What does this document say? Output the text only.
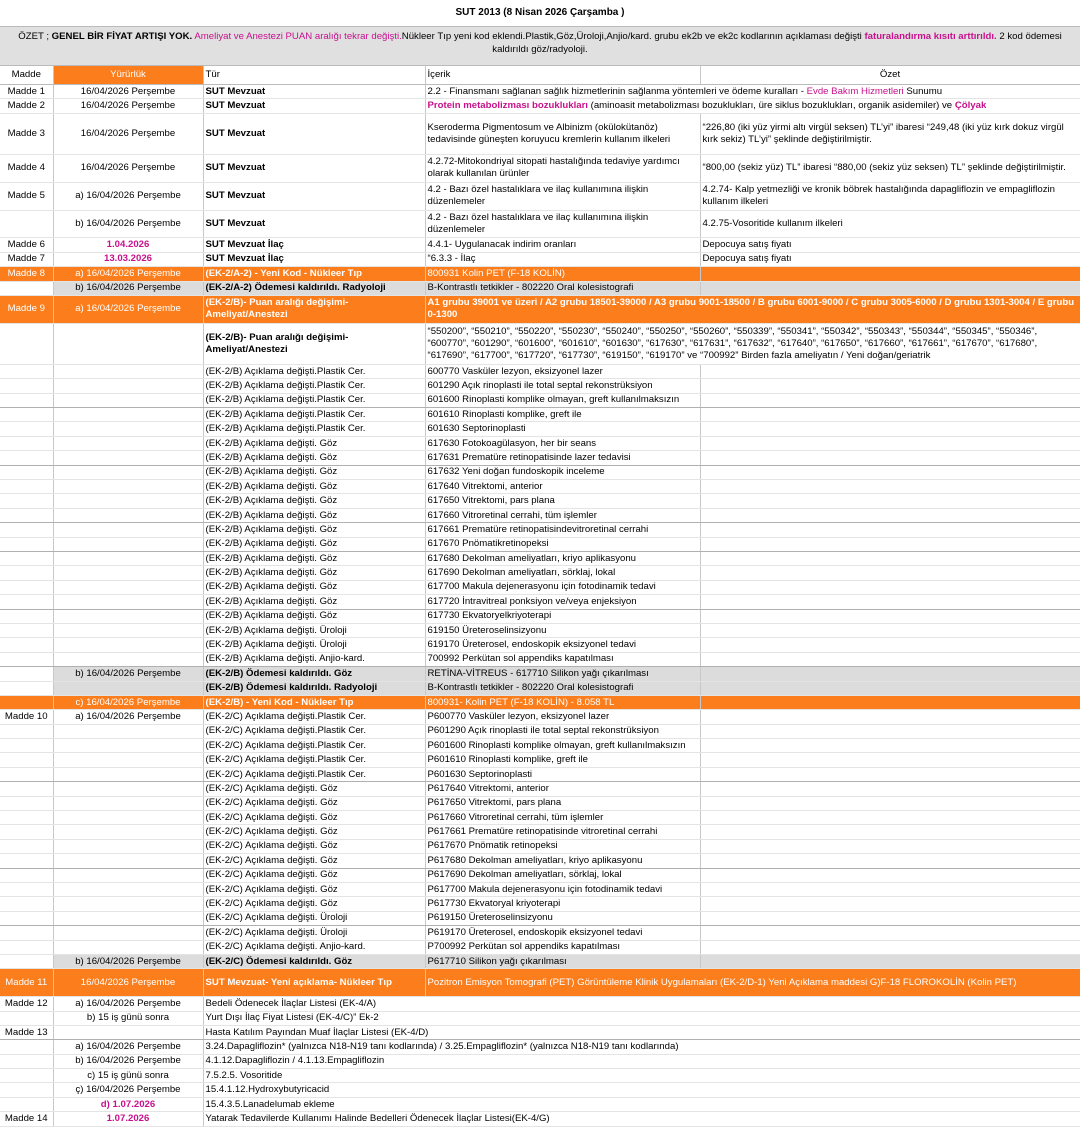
SUT 2013 (8 Nisan 2026 Çarşamba )
ÖZET ; GENEL BİR FİYAT ARTIŞI YOK. Ameliyat ve Anestezi PUAN aralığı tekrar değişti.Nükleer Tıp yeni kod eklendi.Plastik,Göz,Üroloji,Anjio/kard. grubu ek2b ve ek2c kodlarının açıklaması değişti faturalandırma kısıtı arttırıldı. 2 kod ödemesi kaldırıldı göz/radyoloji.
Madde	Yürürlük	Tür	İçerik	Özet
Madde 1	16/04/2026 Perşembe	SUT Mevzuat	2.2 - Finansmanı sağlanan sağlık hizmetlerinin sağlanma yöntemleri ve ödeme kuralları - Evde Bakım Hizmetleri Sunumu	
Madde 2	16/04/2026 Perşembe	SUT Mevzuat	Protein metabolizması bozuklukları (aminoasit metabolizması bozuklukları, üre siklus bozuklukları, organik asidemiler) ve Çölyak	
Madde 3	16/04/2026 Perşembe	SUT Mevzuat	Kseroderma Pigmentosum ve Albinizm (okülokütanöz) tedavisinde güneşten koruyucu kremlerin kullanım ilkeleri	“226,80 (iki yüz yirmi altı virgül seksen) TL’yi” ibaresi “249,48 (iki yüz kırk dokuz virgül kırk sekiz) TL’yi” şeklinde değiştirilmiştir.
Madde 4	16/04/2026 Perşembe	SUT Mevzuat	4.2.72-Mitokondriyal sitopati hastalığında tedaviye yardımcı olarak kullanılan ürünler	“800,00 (sekiz yüz) TL” ibaresi “880,00 (sekiz yüz seksen) TL” şeklinde değiştirilmiştir.
Madde 5	a) 16/04/2026 Perşembe	SUT Mevzuat	4.2 - Bazı özel hastalıklara ve ilaç kullanımına ilişkin düzenlemeler	4.2.74- Kalp yetmezliği ve kronik böbrek hastalığında dapagliflozin ve empagliflozin kullanım ilkeleri
	b) 16/04/2026 Perşembe	SUT Mevzuat	4.2 - Bazı özel hastalıklara ve ilaç kullanımına ilişkin düzenlemeler	4.2.75-Vosoritide kullanım ilkeleri
Madde 6	1.04.2026	SUT Mevzuat İlaç	4.4.1- Uygulanacak indirim oranları	Depocuya satış fiyatı
Madde 7	13.03.2026	SUT Mevzuat İlaç	“6.3.3 - İlaç	Depocuya satış fiyatı
Madde 8	a) 16/04/2026 Perşembe	(EK-2/A-2) - Yeni Kod - Nükleer Tıp	800931 Kolin PET (F-18 KOLİN)	
	b) 16/04/2026 Perşembe	(EK-2/A-2) Ödemesi kaldırıldı. Radyoloji	B-Kontrastlı tetkikler - 802220 Oral kolesistografi	
Madde 9	a) 16/04/2026 Perşembe	(EK-2/B)- Puan aralığı değişimi- Ameliyat/Anestezi	A1 grubu 39001 ve üzeri / A2 grubu 18501-39000 / A3 grubu 9001-18500 / B grubu 6001-9000 / C grubu 3005-6000 / D grubu 1301-3004 / E grubu 0-1300	
		(EK-2/B)- Puan aralığı değişimi- Ameliyat/Anestezi	“550200”, “550210”, “550220”, “550230”, “550240”, “550250”, “550260”, “550339”, “550341”, “550342”, “550343”, “550344”, “550345”, “550346”, “600770”, “601290”, “601600”, “601610”, “601630”, “617630”, “617631”, “617632”, “617640”, “617650”, “617660”, “617661”, “617670”, “617680”, “617690”, “617700”, “617720”, “617730”, “619150”, “619170” ve “700992” Birden fazla ameliyatın / Yeni doğan/geriatrik	
		(EK-2/B) Açıklama değişti.Plastik Cer.	600770 Vasküler lezyon, eksizyonel lazer	
		(EK-2/B) Açıklama değişti.Plastik Cer.	601290 Açık rinoplasti ile total septal rekonstrüksiyon	
		(EK-2/B) Açıklama değişti.Plastik Cer.	601600 Rinoplasti komplike olmayan, greft kullanılmaksızın	
		(EK-2/B) Açıklama değişti.Plastik Cer.	601610 Rinoplasti komplike, greft ile	
		(EK-2/B) Açıklama değişti.Plastik Cer.	601630 Septorinoplasti	
		(EK-2/B) Açıklama değişti. Göz	617630 Fotokoagülasyon, her bir seans	
		(EK-2/B) Açıklama değişti. Göz	617631 Prematüre retinopatisinde lazer tedavisi	
		(EK-2/B) Açıklama değişti. Göz	617632 Yeni doğan fundoskopik inceleme	
		(EK-2/B) Açıklama değişti. Göz	617640 Vitrektomi, anterior	
		(EK-2/B) Açıklama değişti. Göz	617650 Vitrektomi, pars plana	
		(EK-2/B) Açıklama değişti. Göz	617660 Vitroretinal cerrahi, tüm işlemler	
		(EK-2/B) Açıklama değişti. Göz	617661 Prematüre retinopatisindevitroretinal cerrahi	
		(EK-2/B) Açıklama değişti. Göz	617670 Pnömatikretinopeksi	
		(EK-2/B) Açıklama değişti. Göz	617680 Dekolman ameliyatları, kriyo aplikasyonu	
		(EK-2/B) Açıklama değişti. Göz	617690 Dekolman ameliyatları, sörklaj, lokal	
		(EK-2/B) Açıklama değişti. Göz	617700 Makula dejenerasyonu için fotodinamik tedavi	
		(EK-2/B) Açıklama değişti. Göz	617720 İntravitreal ponksiyon ve/veya enjeksiyon	
		(EK-2/B) Açıklama değişti. Göz	617730 Ekvatoryelkriyoterapi	
		(EK-2/B) Açıklama değişti. Üroloji	619150 Üreteroselinsizyonu	
		(EK-2/B) Açıklama değişti. Üroloji	619170 Üreterosel, endoskopik eksizyonel tedavi	
		(EK-2/B) Açıklama değişti. Anjio-kard.	700992 Perkütan sol appendiks kapatılması	
	b) 16/04/2026 Perşembe	(EK-2/B) Ödemesi kaldırıldı. Göz	RETİNA-VİTREUS - 617710 Silikon yağı çıkarılması	
		(EK-2/B) Ödemesi kaldırıldı. Radyoloji	B-Kontrastlı tetkikler - 802220 Oral kolesistografi	
	c) 16/04/2026 Perşembe	(EK-2/B) - Yeni Kod - Nükleer Tıp	800931- Kolin PET (F-18 KOLİN) - 8.058 TL	
Madde 10	a) 16/04/2026 Perşembe	(EK-2/C) Açıklama değişti.Plastik Cer.	P600770 Vasküler lezyon, eksizyonel lazer	
		(EK-2/C) Açıklama değişti.Plastik Cer.	P601290 Açık rinoplasti ile total septal rekonstrüksiyon	
		(EK-2/C) Açıklama değişti.Plastik Cer.	P601600 Rinoplasti komplike olmayan, greft kullanılmaksızın	
		(EK-2/C) Açıklama değişti.Plastik Cer.	P601610 Rinoplasti komplike, greft ile	
		(EK-2/C) Açıklama değişti.Plastik Cer.	P601630 Septorinoplasti	
		(EK-2/C) Açıklama değişti. Göz	P617640 Vitrektomi, anterior	
		(EK-2/C) Açıklama değişti. Göz	P617650 Vitrektomi, pars plana	
		(EK-2/C) Açıklama değişti. Göz	P617660 Vitroretinal cerrahi, tüm işlemler	
		(EK-2/C) Açıklama değişti. Göz	P617661 Prematüre retinopatisinde vitroretinal cerrahi	
		(EK-2/C) Açıklama değişti. Göz	P617670 Pnömatik retinopeksi	
		(EK-2/C) Açıklama değişti. Göz	P617680 Dekolman ameliyatları, kriyo aplikasyonu	
		(EK-2/C) Açıklama değişti. Göz	P617690 Dekolman ameliyatları, sörklaj, lokal	
		(EK-2/C) Açıklama değişti. Göz	P617700 Makula dejenerasyonu için fotodinamik tedavi	
		(EK-2/C) Açıklama değişti. Göz	P617730 Ekvatoryal kriyoterapi	
		(EK-2/C) Açıklama değişti. Üroloji	P619150 Üreteroselinsizyonu	
		(EK-2/C) Açıklama değişti. Üroloji	P619170 Üreterosel, endoskopik eksizyonel tedavi	
		(EK-2/C) Açıklama değişti. Anjio-kard.	P700992 Perkütan sol appendiks kapatılması	
	b) 16/04/2026 Perşembe	(EK-2/C) Ödemesi kaldırıldı. Göz	P617710 Silikon yağı çıkarılması	
Madde 11	16/04/2026 Perşembe	SUT Mevzuat- Yeni açıklama- Nükleer Tıp	Pozitron Emisyon Tomografi (PET) Görüntüleme Klinik Uygulamaları (EK-2/D-1) Yeni Açıklama maddesi G)F-18 FLOROKOLİN (Kolin PET)	
Madde 12	a) 16/04/2026 Perşembe	Bedeli Ödenecek İlaçlar Listesi (EK-4/A)		
	b) 15 iş günü sonra	Yurt Dışı İlaç Fiyat Listesi (EK-4/C)” Ek-2		
Madde 13		Hasta Katılım Payından Muaf İlaçlar Listesi (EK-4/D)		
	a) 16/04/2026 Perşembe	3.24.Dapagliflozin* (yalnızca N18-N19 tanı kodlarında) / 3.25.Empagliflozin* (yalnızca N18-N19 tanı kodlarında)		
	b) 16/04/2026 Perşembe	4.1.12.Dapagliflozin / 4.1.13.Empagliflozin		
	c) 15 iş günü sonra	7.5.2.5. Vosoritide		
	ç) 16/04/2026 Perşembe	15.4.1.12.Hydroxybutyricacid		
	d) 1.07.2026	15.4.3.5.Lanadelumab ekleme		
Madde 14	1.07.2026	Yatarak Tedavilerde Kullanımı Halinde Bedelleri Ödenecek İlaçlar Listesi(EK-4/G)		
